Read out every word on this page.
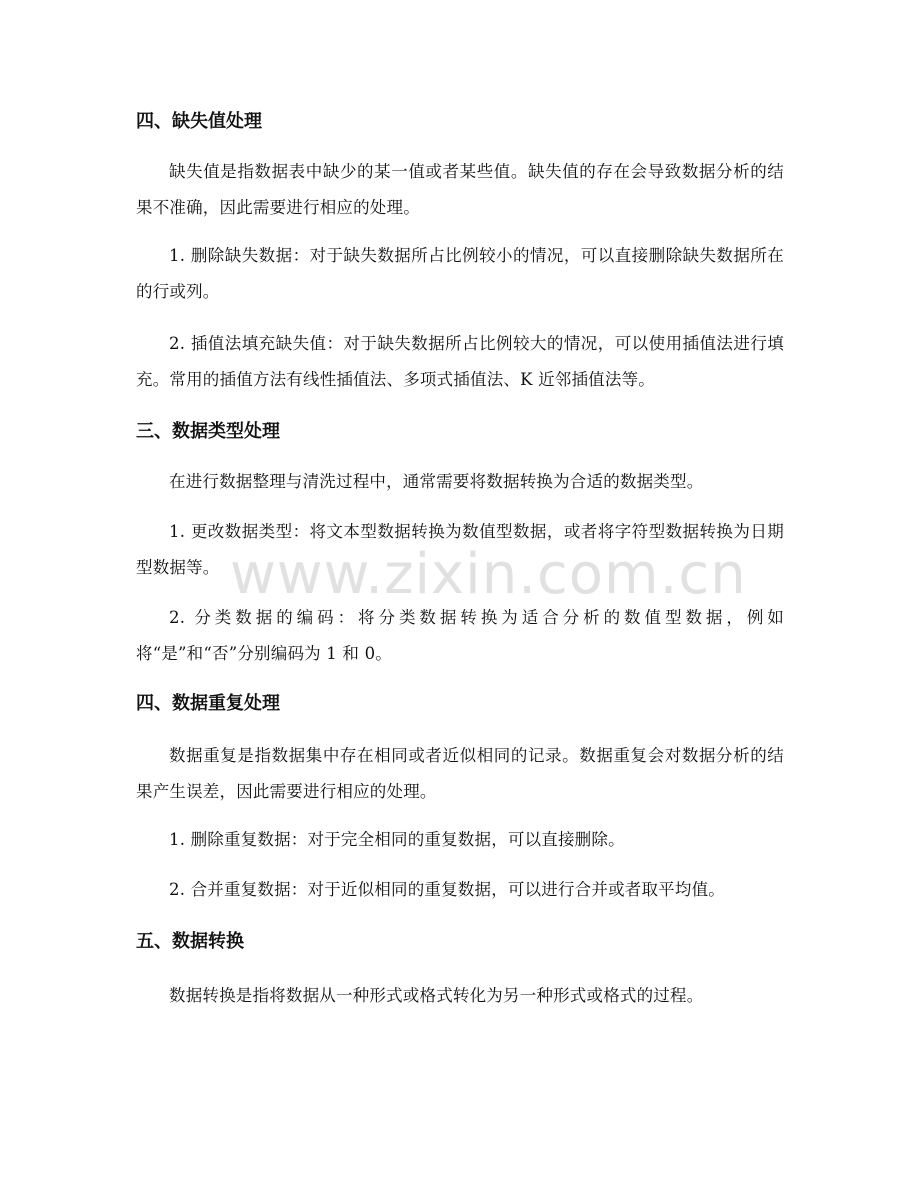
四、缺失值处理

缺失值是指数据表中缺少的某一值或者某些值。缺失值的存在会导致数据分析的结果不准确，因此需要进行相应的处理。

1. 删除缺失数据：对于缺失数据所占比例较小的情况，可以直接删除缺失数据所在的行或列。

2. 插值法填充缺失值：对于缺失数据所占比例较大的情况，可以使用插值法进行填充。常用的插值方法有线性插值法、多项式插值法、K 近邻插值法等。

三、数据类型处理

在进行数据整理与清洗过程中，通常需要将数据转换为合适的数据类型。

1. 更改数据类型：将文本型数据转换为数值型数据，或者将字符型数据转换为日期型数据等。

2. 分类数据的编码：将分类数据转换为适合分析的数值型数据，例如将“是”和“否”分别编码为 1 和 0。

四、数据重复处理

数据重复是指数据集中存在相同或者近似相同的记录。数据重复会对数据分析的结果产生误差，因此需要进行相应的处理。

1. 删除重复数据：对于完全相同的重复数据，可以直接删除。

2. 合并重复数据：对于近似相同的重复数据，可以进行合并或者取平均值。

五、数据转换

数据转换是指将数据从一种形式或格式转化为另一种形式或格式的过程。

www.zixin.com.cn
